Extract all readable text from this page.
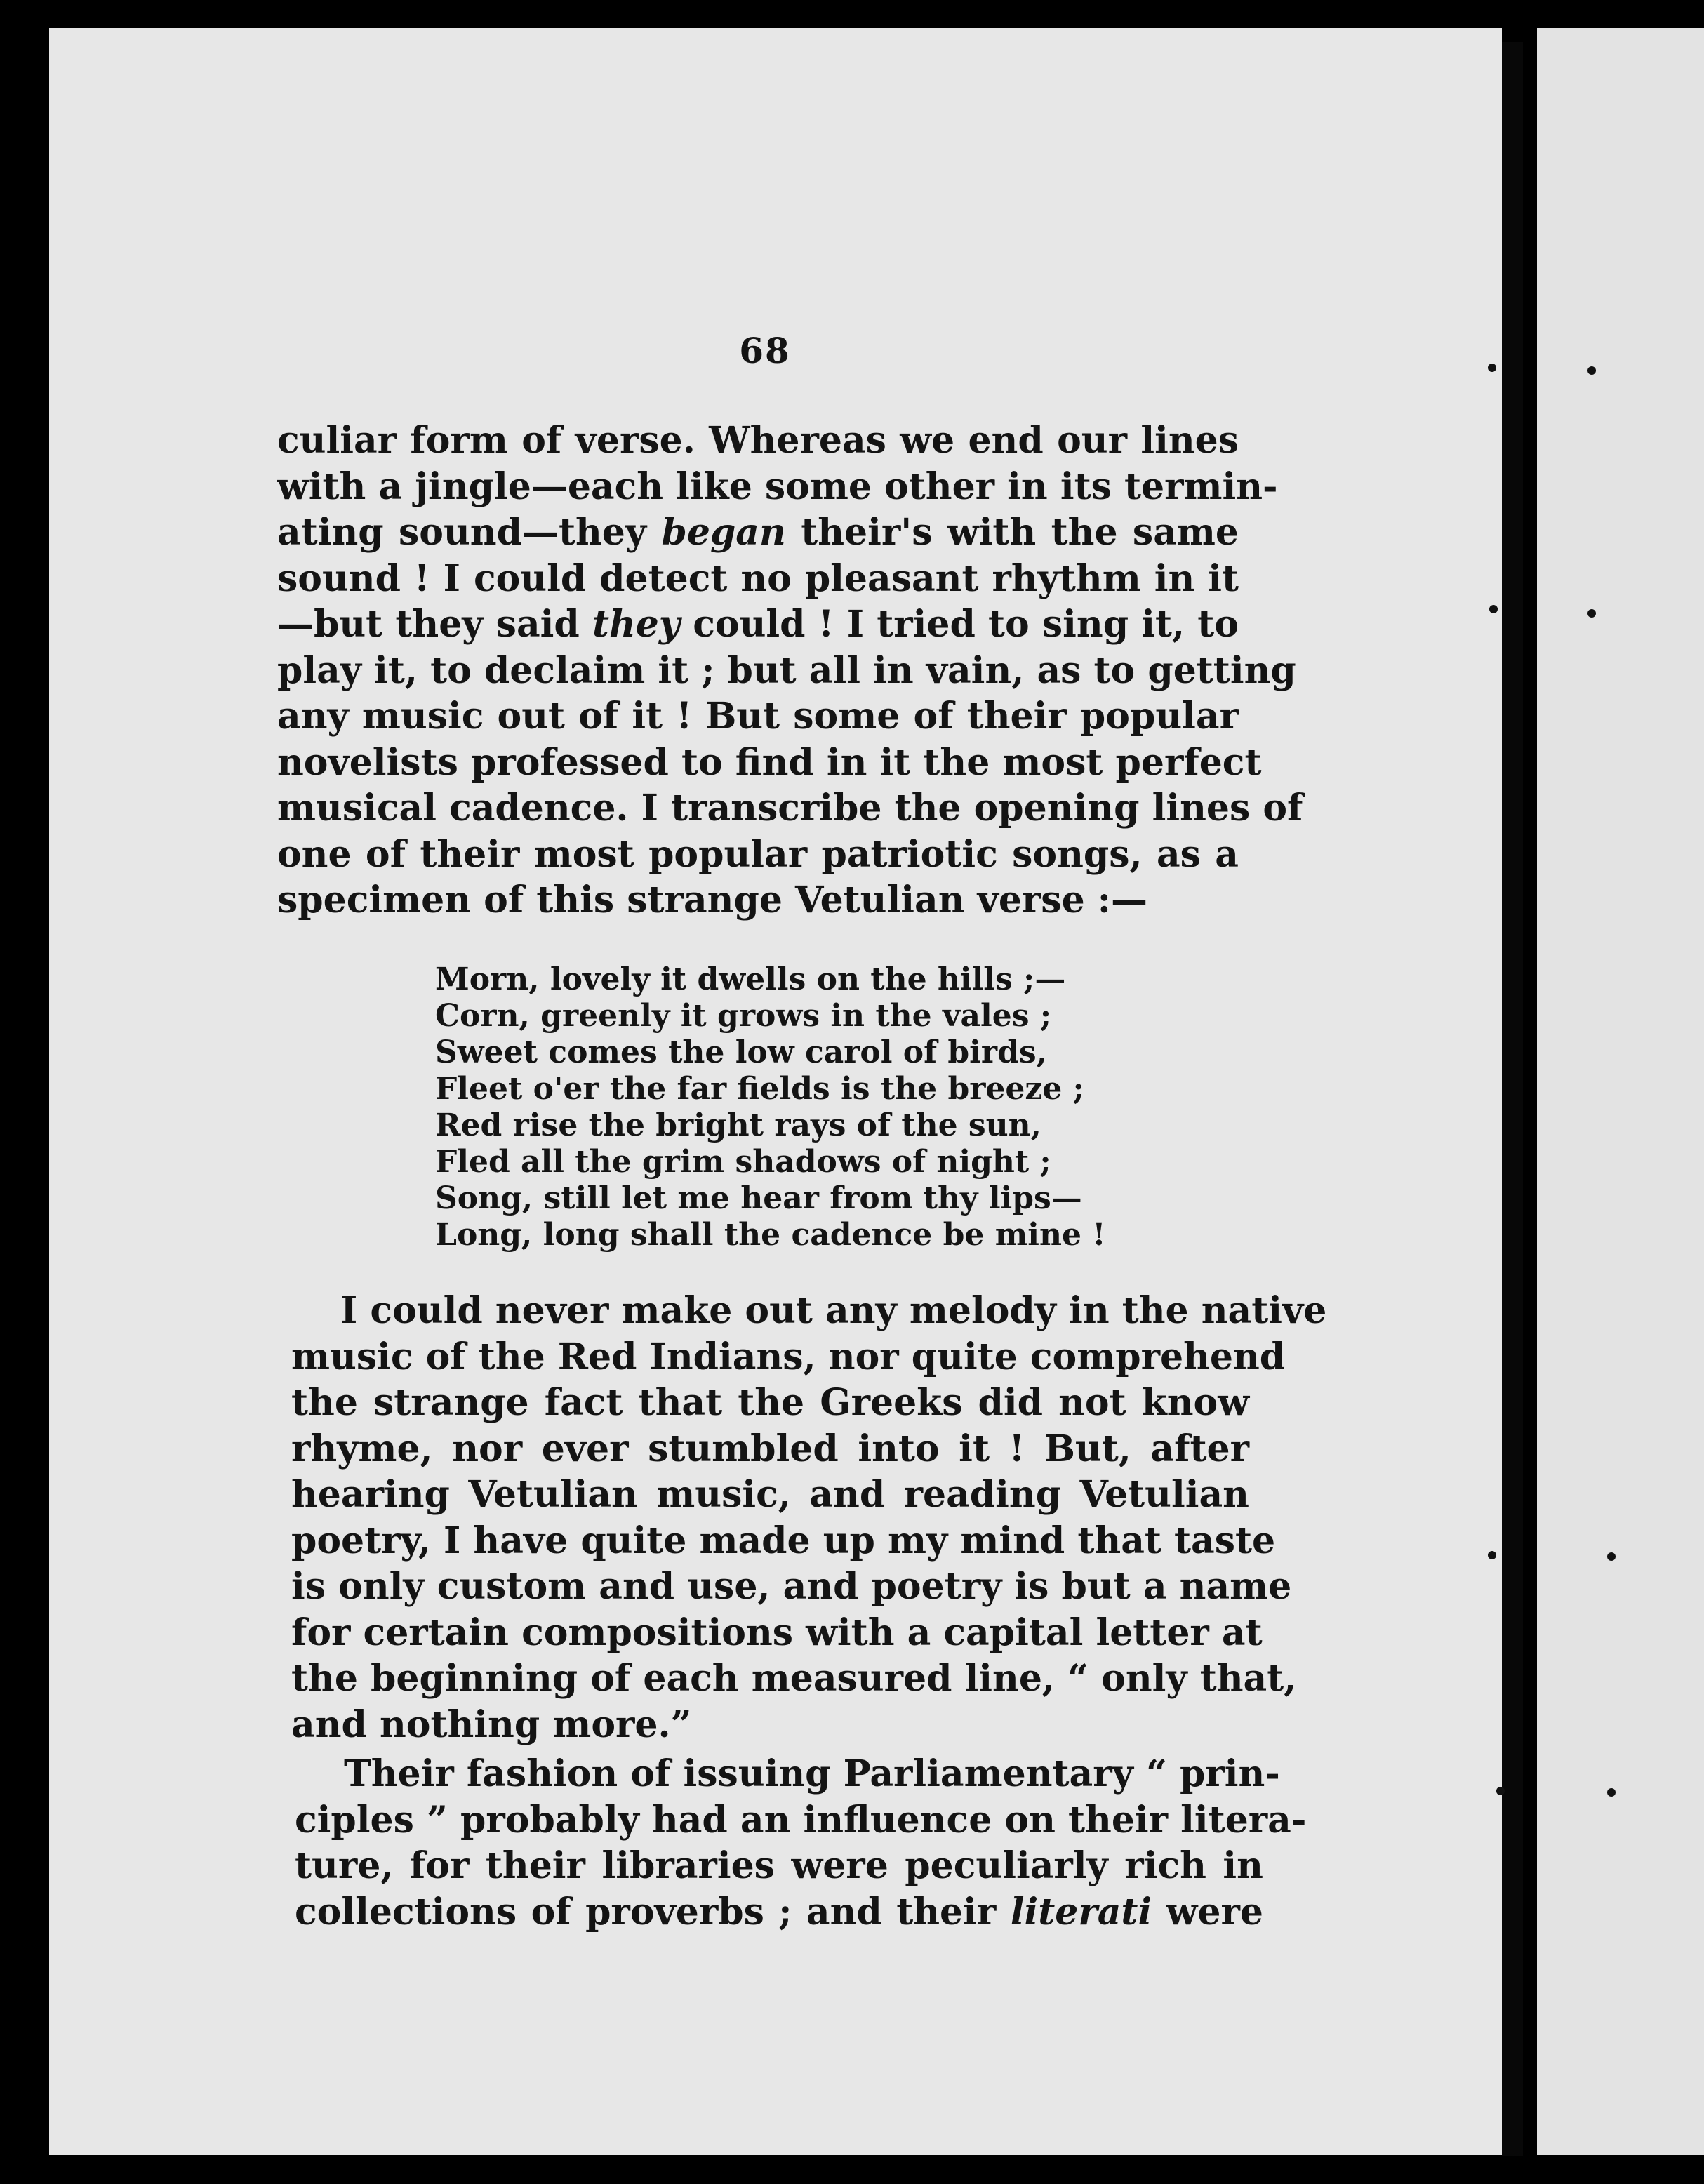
68

culiar form of verse. Whereas we end our lines
with a jingle—each like some other in its termin-
ating sound—they began their's with the same
sound ! I could detect no pleasant rhythm in it
—but they said they could ! I tried to sing it, to
play it, to declaim it ; but all in vain, as to getting
any music out of it ! But some of their popular
novelists professed to find in it the most perfect
musical cadence. I transcribe the opening lines of
one of their most popular patriotic songs, as a
specimen of this strange Vetulian verse :—

Morn, lovely it dwells on the hills ;—
Corn, greenly it grows in the vales ;
Sweet comes the low carol of birds,
Fleet o'er the far fields is the breeze ;
Red rise the bright rays of the sun,
Fled all the grim shadows of night ;
Song, still let me hear from thy lips—
Long, long shall the cadence be mine !

I could never make out any melody in the native
music of the Red Indians, nor quite comprehend
the strange fact that the Greeks did not know
rhyme, nor ever stumbled into it ! But, after
hearing Vetulian music, and reading Vetulian
poetry, I have quite made up my mind that taste
is only custom and use, and poetry is but a name
for certain compositions with a capital letter at
the beginning of each measured line, “ only that,
and nothing more.”

Their fashion of issuing Parliamentary “ prin-
ciples ” probably had an influence on their litera-
ture, for their libraries were peculiarly rich in
collections of proverbs ; and their literati were
